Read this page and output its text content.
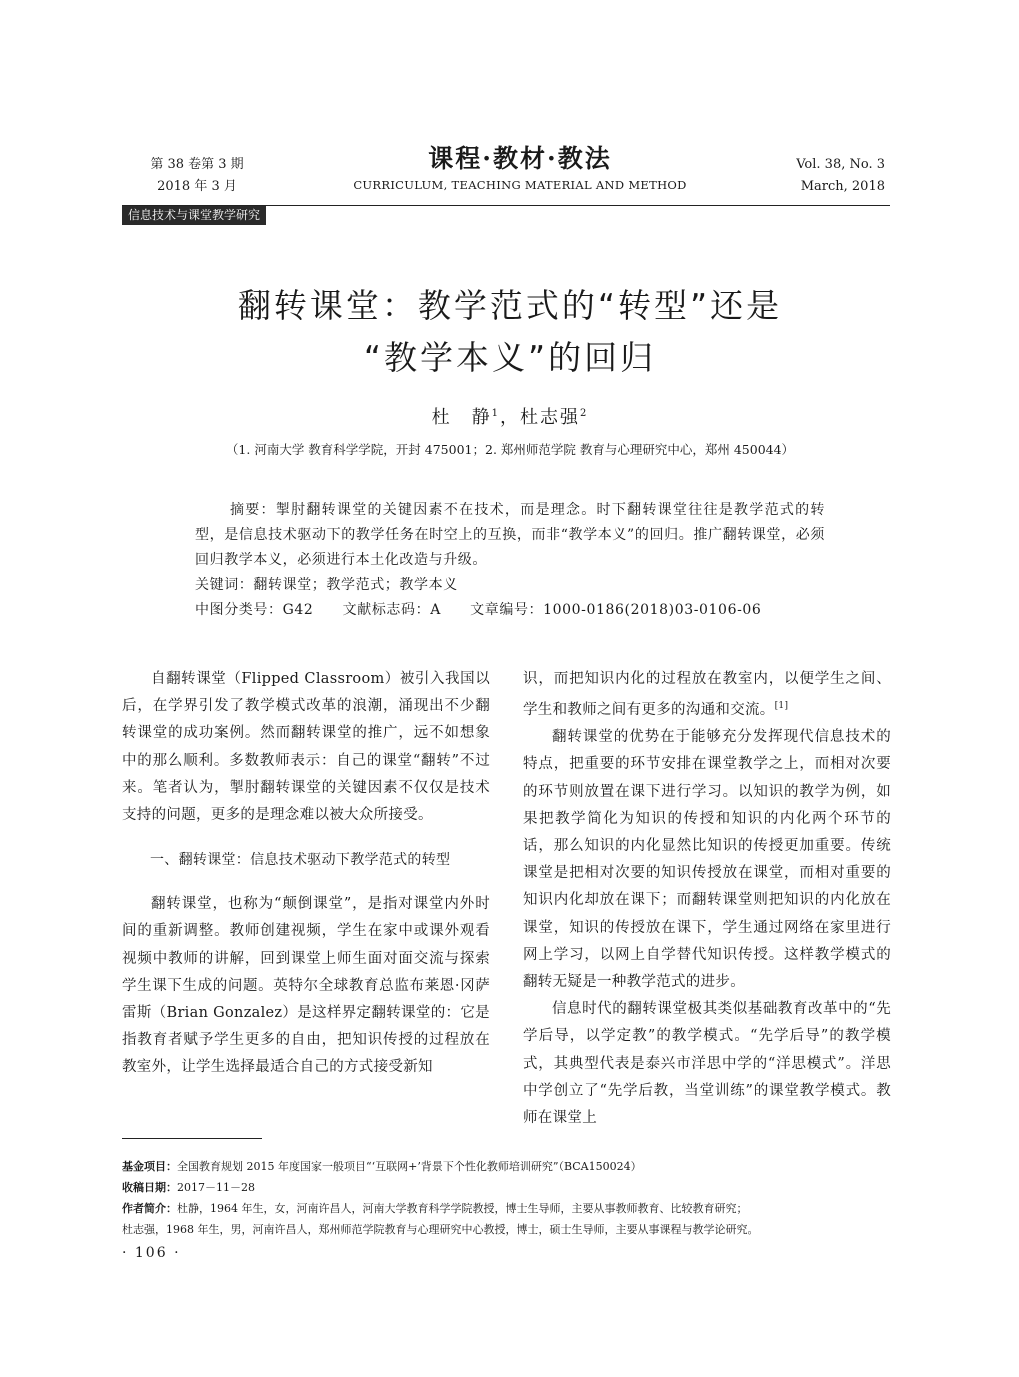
第 38 卷第 3 期
2018 年 3 月
课程·教材·教法
CURRICULUM, TEACHING MATERIAL AND METHOD
Vol. 38, No. 3
March, 2018
信息技术与课堂教学研究
翻转课堂：教学范式的“转型”还是
“教学本义”的回归
杜　静$^1$，杜志强$^2$
（1. 河南大学 教育科学学院，开封 475001；2. 郑州师范学院 教育与心理研究中心，郑州 450044）

摘要：掣肘翻转课堂的关键因素不在技术，而是理念。时下翻转课堂往往是教学范式的转型，是信息技术驱动下的教学任务在时空上的互换，而非“教学本义”的回归。推广翻转课堂，必须回归教学本义，必须进行本土化改造与升级。

关键词：翻转课堂；教学范式；教学本义

中图分类号：G42　　 文献标志码：A　　 文章编号：1000-0186(2018)03-0106-06

自翻转课堂（Flipped Classroom）被引入我国以后，在学界引发了教学模式改革的浪潮，涌现出不少翻转课堂的成功案例。然而翻转课堂的推广，远不如想象中的那么顺利。多数教师表示：自己的课堂“翻转”不过来。笔者认为，掣肘翻转课堂的关键因素不仅仅是技术支持的问题，更多的是理念难以被大众所接受。

一、翻转课堂：信息技术驱动下教学范式的转型

翻转课堂，也称为“颠倒课堂”，是指对课堂内外时间的重新调整。教师创建视频，学生在家中或课外观看视频中教师的讲解，回到课堂上师生面对面交流与探索学生课下生成的问题。英特尔全球教育总监布莱恩·冈萨雷斯（Brian Gonzalez）是这样界定翻转课堂的：它是指教育者赋予学生更多的自由，把知识传授的过程放在教室外，让学生选择最适合自己的方式接受新知

识，而把知识内化的过程放在教室内，以便学生之间、学生和教师之间有更多的沟通和交流。[1]

翻转课堂的优势在于能够充分发挥现代信息技术的特点，把重要的环节安排在课堂教学之上，而相对次要的环节则放置在课下进行学习。以知识的教学为例，如果把教学简化为知识的传授和知识的内化两个环节的话，那么知识的内化显然比知识的传授更加重要。传统课堂是把相对次要的知识传授放在课堂，而相对重要的知识内化却放在课下；而翻转课堂则把知识的内化放在课堂，知识的传授放在课下，学生通过网络在家里进行网上学习，以网上自学替代知识传授。这样教学模式的翻转无疑是一种教学范式的进步。

信息时代的翻转课堂极其类似基础教育改革中的“先学后导，以学定教”的教学模式。“先学后导”的教学模式，其典型代表是泰兴市洋思中学的“洋思模式”。洋思中学创立了“先学后教，当堂训练”的课堂教学模式。教师在课堂上

基金项目：全国教育规划 2015 年度国家一般项目“‘互联网+’背景下个性化教师培训研究”（BCA150024）

收稿日期：2017－11－28

作者简介：杜静，1964 年生，女，河南许昌人，河南大学教育科学学院教授，博士生导师，主要从事教师教育、比较教育研究；

杜志强，1968 年生，男，河南许昌人，郑州师范学院教育与心理研究中心教授，博士，硕士生导师，主要从事课程与教学论研究。

· 106 ·
